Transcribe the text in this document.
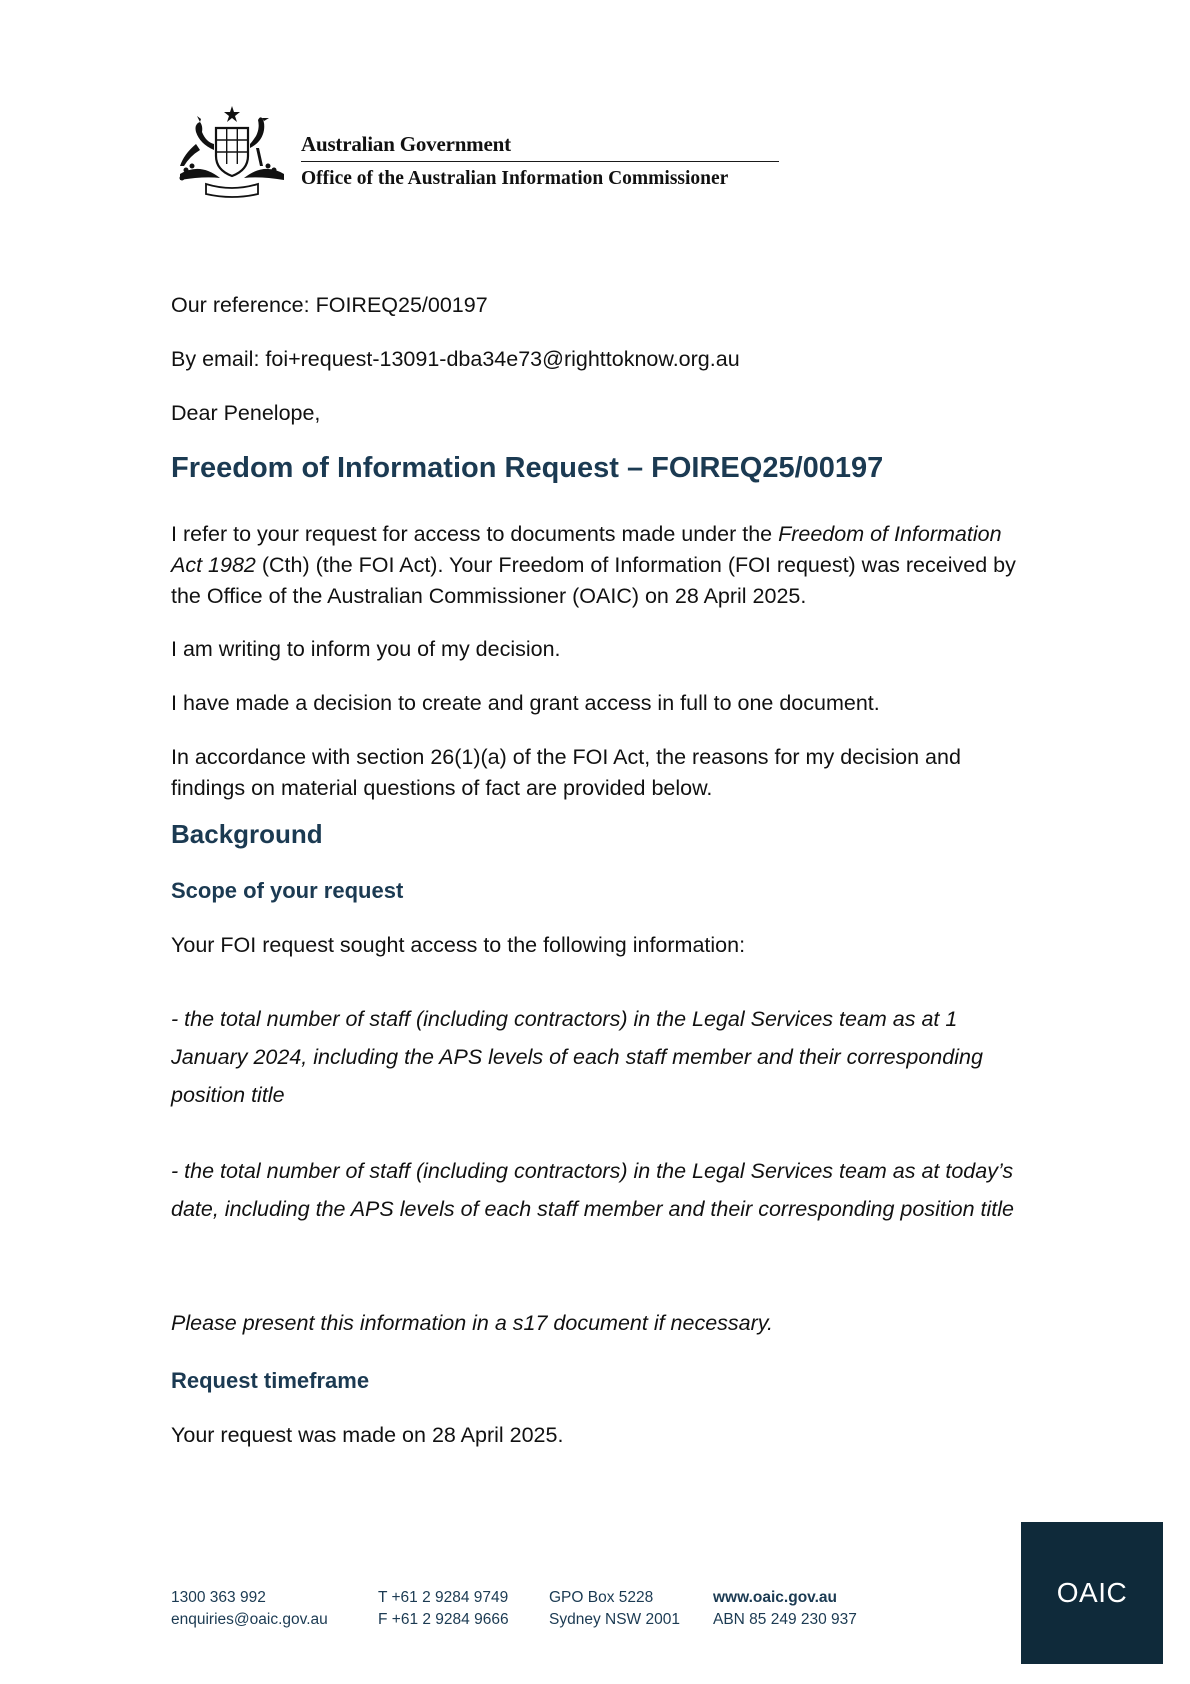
Australian Government
Office of the Australian Information Commissioner

Our reference: FOIREQ25/00197

By email: foi+request-13091-dba34e73@righttoknow.org.au

Dear Penelope,

Freedom of Information Request – FOIREQ25/00197

I refer to your request for access to documents made under the Freedom of Information Act 1982 (Cth) (the FOI Act). Your Freedom of Information (FOI request) was received by the Office of the Australian Commissioner (OAIC) on 28 April 2025.

I am writing to inform you of my decision.

I have made a decision to create and grant access in full to one document.

In accordance with section 26(1)(a) of the FOI Act, the reasons for my decision and findings on material questions of fact are provided below.

Background
Scope of your request

Your FOI request sought access to the following information:

- the total number of staff (including contractors) in the Legal Services team as at 1 January 2024, including the APS levels of each staff member and their corresponding position title

- the total number of staff (including contractors) in the Legal Services team as at today’s date, including the APS levels of each staff member and their corresponding position title

Please present this information in a s17 document if necessary.

Request timeframe

Your request was made on 28 April 2025.

1300 363 992
enquiries@oaic.gov.au
T +61 2 9284 9749
F +61 2 9284 9666
GPO Box 5228
Sydney NSW 2001
www.oaic.gov.au
ABN 85 249 230 937
OAIC
